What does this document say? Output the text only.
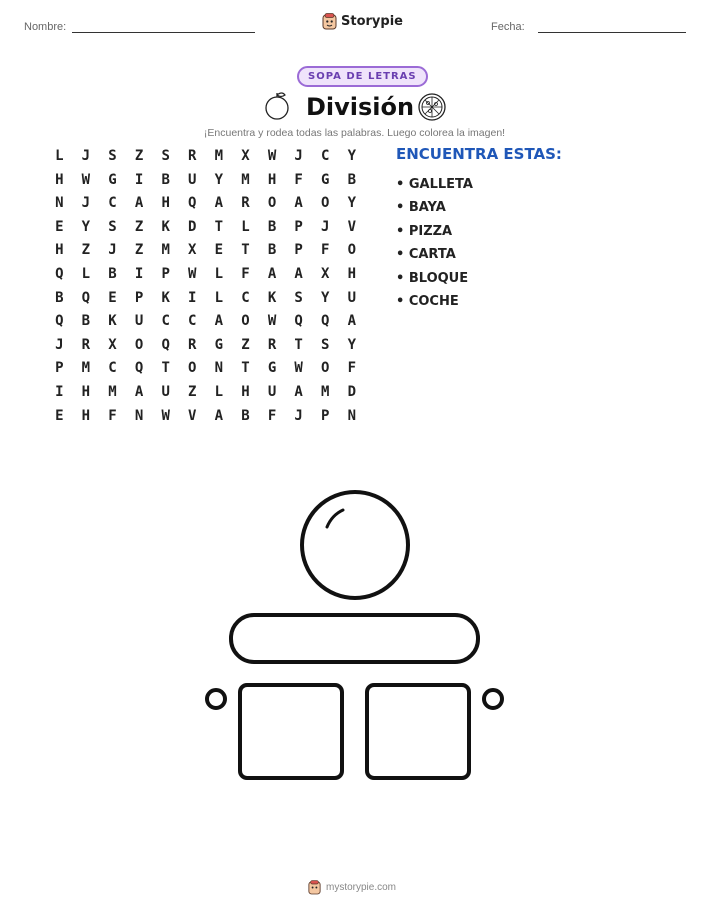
Nombre:	Storypie	Fecha:
SOPA DE LETRAS
División
¡Encuentra y rodea todas las palabras. Luego colorea la imagen!
L	J	S	Z	S	R	M	X	W	J	C	Y
H	W	G	I	B	U	Y	M	H	F	G	B
N	J	C	A	H	Q	A	R	O	A	O	Y
E	Y	S	Z	K	D	T	L	B	P	J	V
H	Z	J	Z	M	X	E	T	B	P	F	O
Q	L	B	I	P	W	L	F	A	A	X	H
B	Q	E	P	K	I	L	C	K	S	Y	U
Q	B	K	U	C	C	A	O	W	Q	Q	A
J	R	X	O	Q	R	G	Z	R	T	S	Y
P	M	C	Q	T	O	N	T	G	W	O	F
I	H	M	A	U	Z	L	H	U	A	M	D
E	H	F	N	W	V	A	B	F	J	P	N
ENCUENTRA ESTAS:
• GALLETA
• BAYA
• PIZZA
• CARTA
• BLOQUE
• COCHE
mystorypie.com
